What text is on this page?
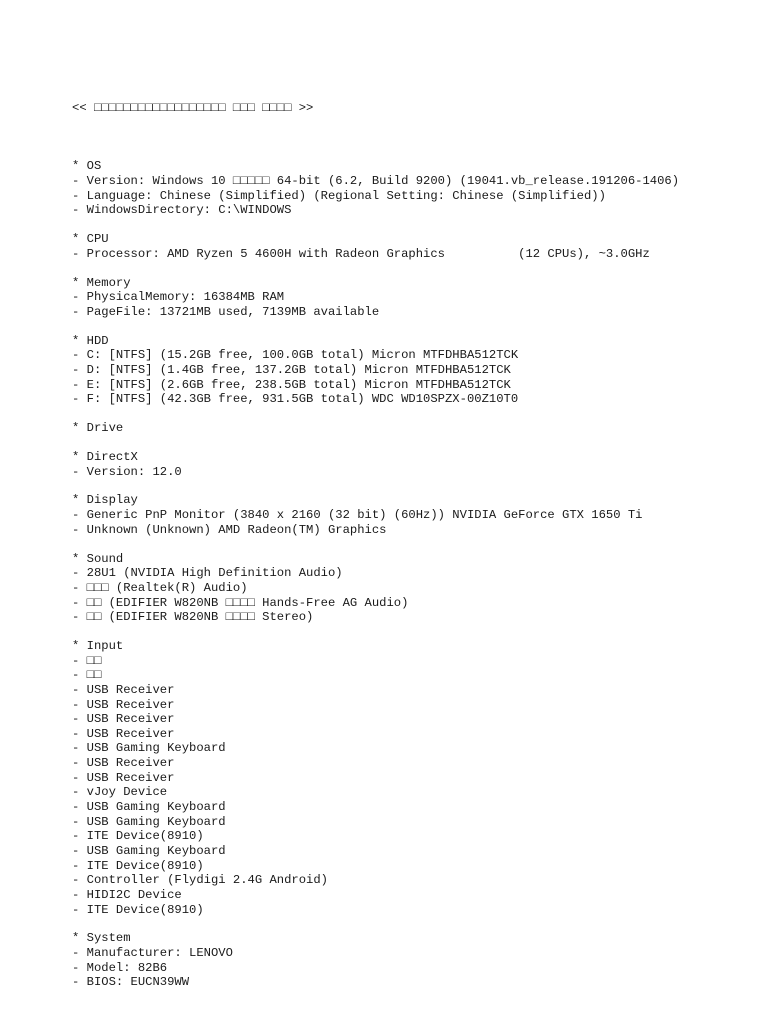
<< □□□□□□□□□□□□□□□□□□ □□□ □□□□ >>

* OS
- Version: Windows 10 □□□□□ 64-bit (6.2, Build 9200) (19041.vb_release.191206-1406)
- Language: Chinese (Simplified) (Regional Setting: Chinese (Simplified))
- WindowsDirectory: C:\WINDOWS
* CPU
- Processor: AMD Ryzen 5 4600H with Radeon Graphics          (12 CPUs), ~3.0GHz
* Memory
- PhysicalMemory: 16384MB RAM
- PageFile: 13721MB used, 7139MB available
* HDD
- C: [NTFS] (15.2GB free, 100.0GB total) Micron MTFDHBA512TCK
- D: [NTFS] (1.4GB free, 137.2GB total) Micron MTFDHBA512TCK
- E: [NTFS] (2.6GB free, 238.5GB total) Micron MTFDHBA512TCK
- F: [NTFS] (42.3GB free, 931.5GB total) WDC WD10SPZX-00Z10T0
* Drive
* DirectX
- Version: 12.0
* Display
- Generic PnP Monitor (3840 x 2160 (32 bit) (60Hz)) NVIDIA GeForce GTX 1650 Ti
- Unknown (Unknown) AMD Radeon(TM) Graphics
* Sound
- 28U1 (NVIDIA High Definition Audio)
- □□□ (Realtek(R) Audio)
- □□ (EDIFIER W820NB □□□□ Hands-Free AG Audio)
- □□ (EDIFIER W820NB □□□□ Stereo)
* Input
- □□
- □□
- USB Receiver
- USB Receiver
- USB Receiver
- USB Receiver
- USB Gaming Keyboard
- USB Receiver
- USB Receiver
- vJoy Device
- USB Gaming Keyboard
- USB Gaming Keyboard
- ITE Device(8910)
- USB Gaming Keyboard
- ITE Device(8910)
- Controller (Flydigi 2.4G Android)
- HIDI2C Device
- ITE Device(8910)
* System
- Manufacturer: LENOVO
- Model: 82B6
- BIOS: EUCN39WW
